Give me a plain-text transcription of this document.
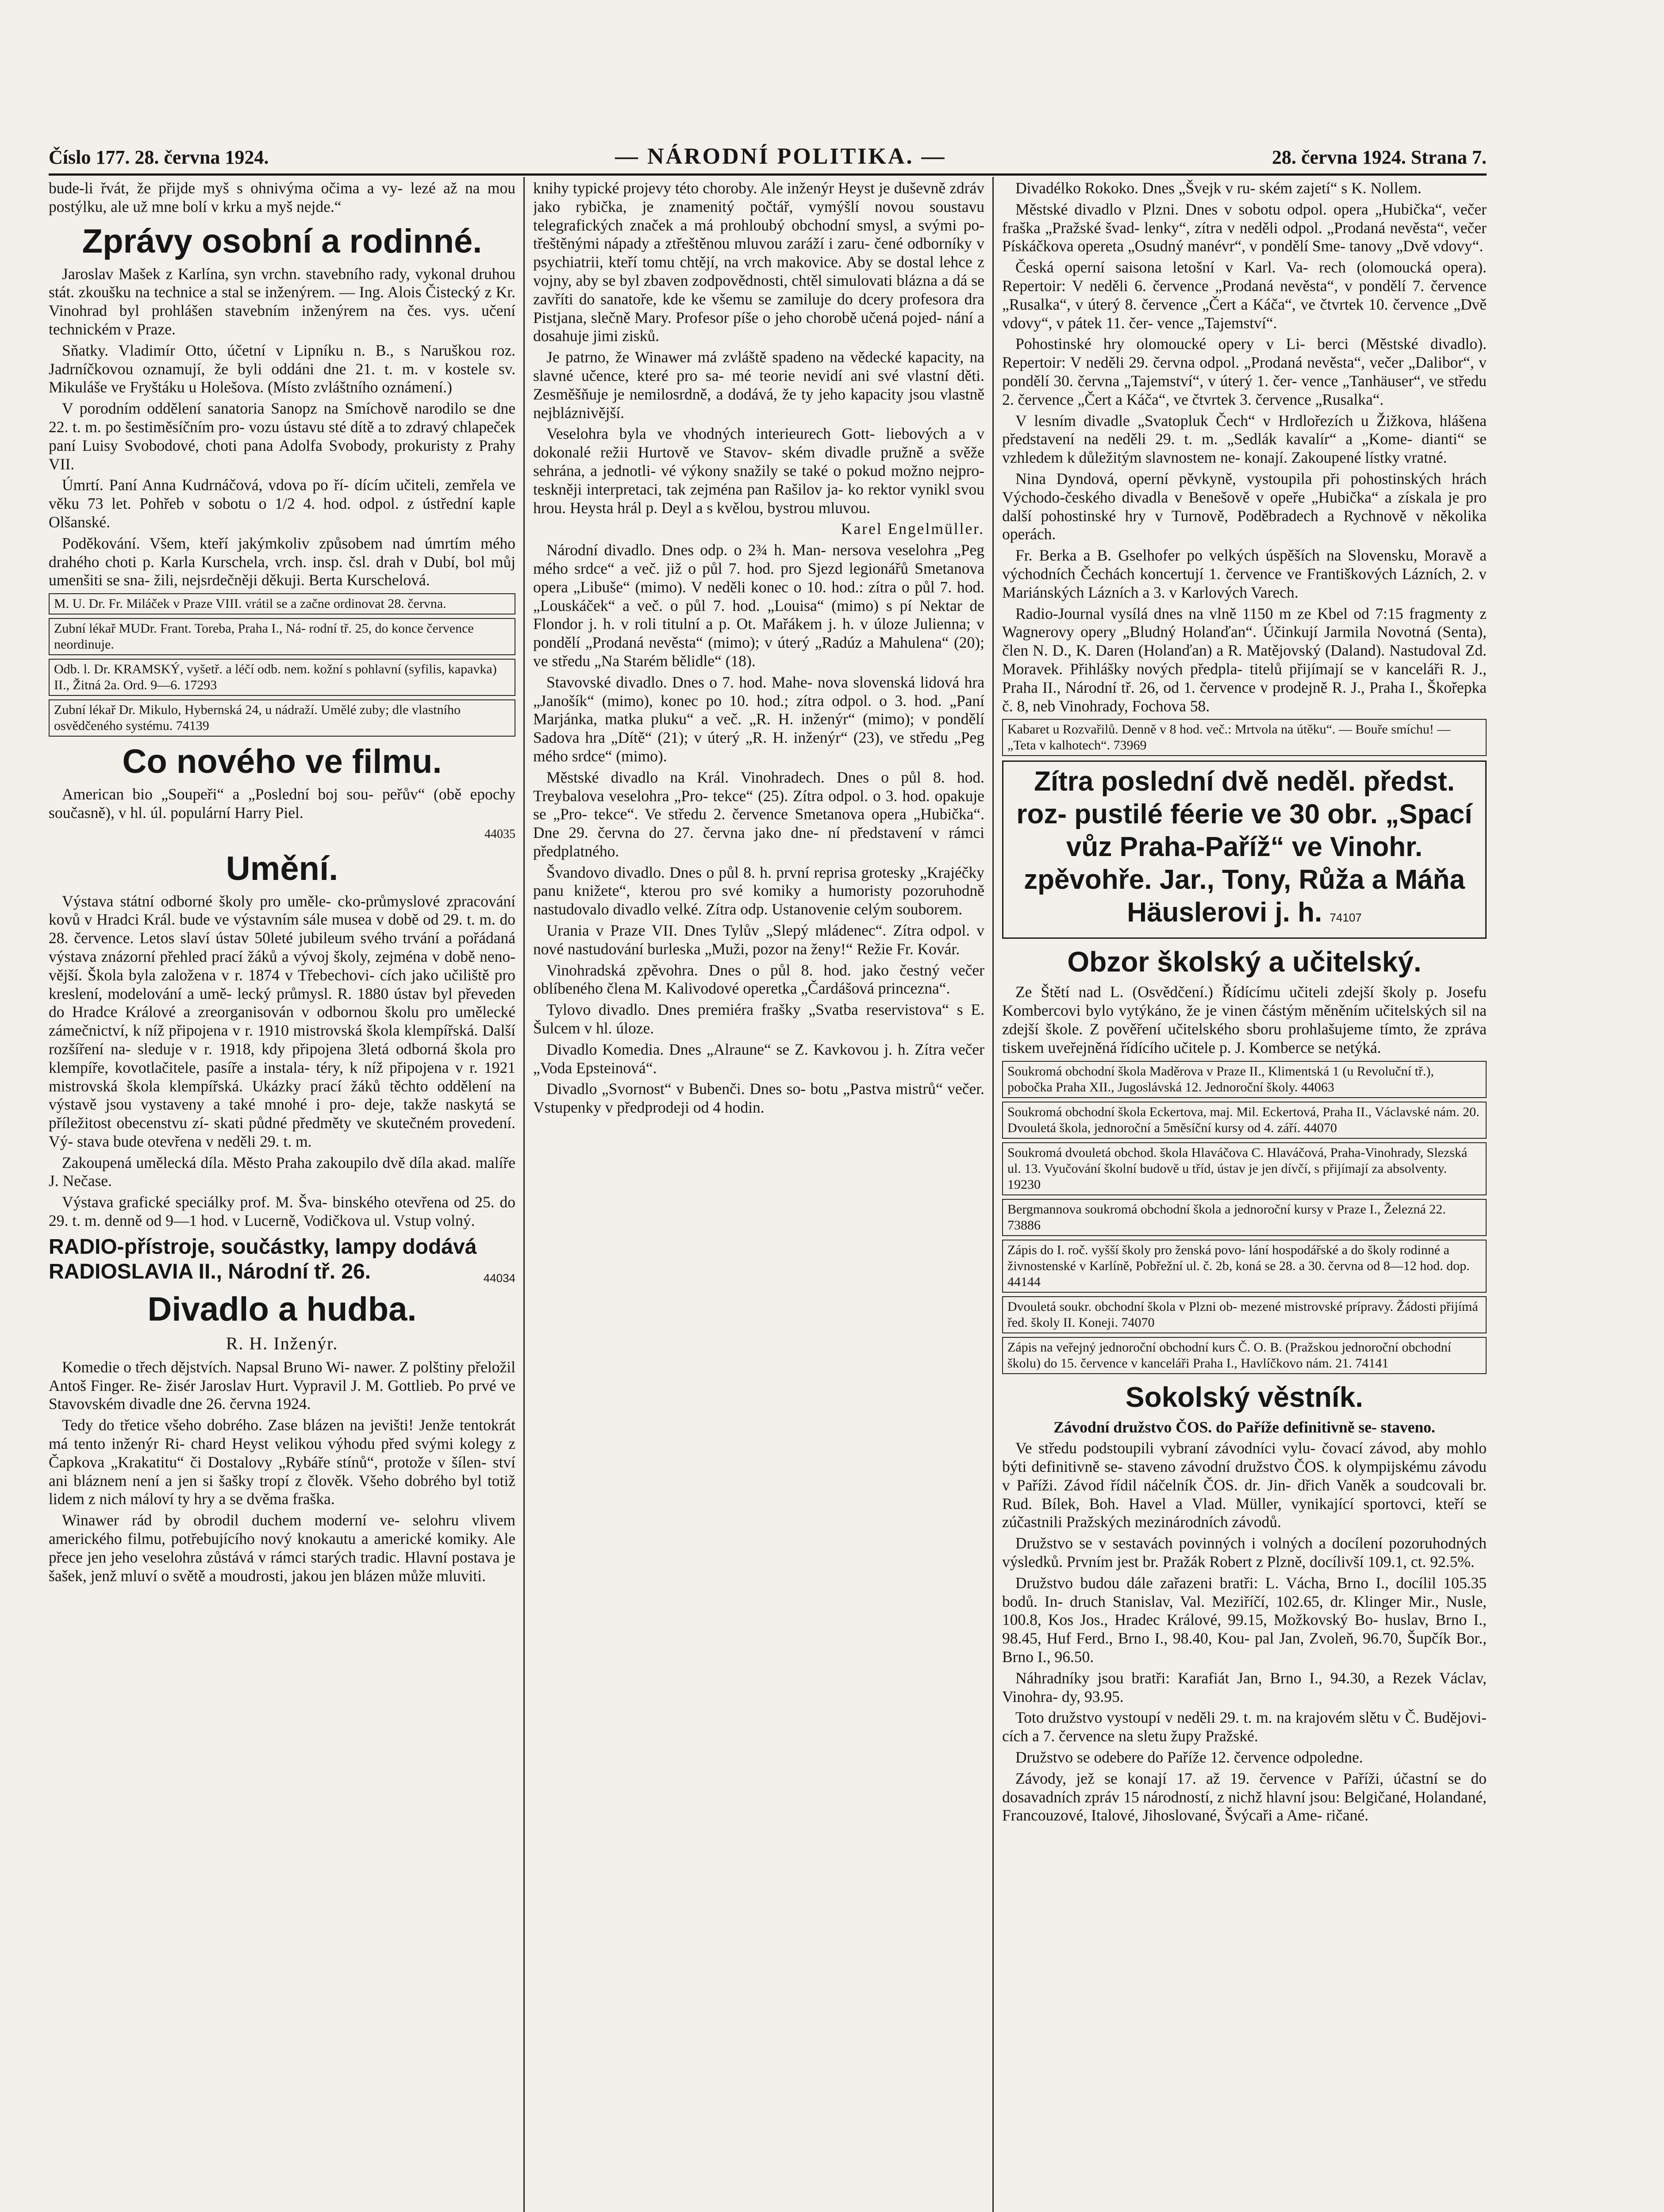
Číslo 177. 28. června 1924.	— NÁRODNÍ POLITIKA. —	28. června 1924. Strana 7.

bude-li řvát, že přijde myš s ohnivýma očima a vy- lezé až na mou postýlku, ale už mne bolí v krku a myš nejde.“

Zprávy osobní a rodinné.

Jaroslav Mašek z Karlína, syn vrchn. stavebního rady, vykonal druhou stát. zkoušku na technice a stal se inženýrem. — Ing. Alois Čistecký z Kr. Vinohrad byl prohlášen stavebním inženýrem na čes. vys. učení technickém v Praze.

Sňatky. Vladimír Otto, účetní v Lipníku n. B., s Naruškou roz. Jadrníčkovou oznamují, že byli oddáni dne 21. t. m. v kostele sv. Mikuláše ve Fryštáku u Holešova. (Místo zvláštního oznámení.)

V porodním oddělení sanatoria Sanopz na Smíchově narodilo se dne 22. t. m. po šestiměsíčním pro- vozu ústavu sté dítě a to zdravý chlapeček paní Luisy Svobodové, choti pana Adolfa Svobody, prokuristy z Prahy VII.

Úmrtí. Paní Anna Kudrnáčová, vdova po ří- dícím učiteli, zemřela ve věku 73 let. Pohřeb v sobotu o 1/2 4. hod. odpol. z ústřední kaple Olšanské.

Poděkování. Všem, kteří jakýmkoliv způsobem nad úmrtím mého drahého choti p. Karla Kurschela, vrch. insp. čsl. drah v Dubí, bol můj umenšiti se sna- žili, nejsrdečněji děkuji. Berta Kurschelová.

M. U. Dr. Fr. Miláček v Praze VIII. vrátil se a začne ordinovat 28. června.
Zubní lékař MUDr. Frant. Toreba, Praha I., Ná- rodní tř. 25, do konce července neordinuje.
Odb. l. Dr. KRAMSKÝ, vyšetř. a léčí odb. nem. kožní s pohlavní (syfilis, kapavka) II., Žitná 2a. Ord. 9—6. 17293
Zubní lékař Dr. Mikulo, Hybernská 24, u nádraží. Umělé zuby; dle vlastního osvědčeného systému. 74139
Co nového ve filmu.

American bio „Soupeři“ a „Poslední boj sou- peřův“ (obě epochy současně), v hl. úl. populární Harry Piel.

44035

Umění.

Výstava státní odborné školy pro uměle- cko-průmyslové zpracování kovů v Hradci Král. bude ve výstavním sále musea v době od 29. t. m. do 28. července. Letos slaví ústav 50leté jubileum svého trvání a pořádaná výstava znázorní přehled prací žáků a vývoj školy, zejména v době neno- vější. Škola byla založena v r. 1874 v Třebechovi- cích jako učiliště pro kreslení, modelování a umě- lecký průmysl. R. 1880 ústav byl převeden do Hradce Králové a zreorganisován v odbornou školu pro umělecké zámečnictví, k níž připojena v r. 1910 mistrovská škola klempířská. Další rozšíření na- sleduje v r. 1918, kdy připojena 3letá odborná škola pro klempíře, kovotlačitele, pasíře a instala- téry, k níž připojena v r. 1921 mistrovská škola klempířská. Ukázky prací žáků těchto oddělení na výstavě jsou vystaveny a také mnohé i pro- deje, takže naskytá se příležitost obecenstvu zí- skati půdné předměty ve skutečném provedení. Vý- stava bude otevřena v neděli 29. t. m.

Zakoupená umělecká díla. Město Praha zakoupilo dvě díla akad. malíře J. Nečase.

Výstava grafické speciálky prof. M. Šva- binského otevřena od 25. do 29. t. m. denně od 9—1 hod. v Lucerně, Vodičkova ul. Vstup volný.

RADIO-přístroje, součástky, lampy dodává
44034
RADIOSLAVIA II., Národní tř. 26.
Divadlo a hudba.
R. H. Inženýr.

Komedie o třech dějstvích. Napsal Bruno Wi- nawer. Z polštiny přeložil Antoš Finger. Re- žisér Jaroslav Hurt. Vypravil J. M. Gottlieb. Po prvé ve Stavovském divadle dne 26. června 1924.

Tedy do třetice všeho dobrého. Zase blázen na jevišti! Jenže tentokrát má tento inženýr Ri- chard Heyst velikou výhodu před svými kolegy z Čapkova „Krakatitu“ či Dostalovy „Rybáře stínů“, protože v šílen- ství ani bláznem není a jen si šašky tropí z člověk. Všeho dobrého byl totiž lidem z nich máloví ty hry a se dvěma fraška.

Winawer rád by obrodil duchem moderní ve- selohru vlivem amerického filmu, potřebujícího nový knokautu a americké komiky. Ale přece jen jeho veselohra zůstává v rámci starých tradic. Hlavní postava je šašek, jenž mluví o světě a moudrosti, jakou jen blázen může mluviti.

knihy typické projevy této choroby. Ale inženýr Heyst je duševně zdráv jako rybička, je znamenitý počtář, vymýšlí novou soustavu telegrafických značek a má prohloubý obchodní smysl, a svými po- třeštěnými nápady a ztřeštěnou mluvou zaráží i zaru- čené odborníky v psychiatrii, kteří tomu chtějí, na vrch makovice. Aby se dostal lehce z vojny, aby se byl zbaven zodpovědnosti, chtěl simulovati blázna a dá se zavříti do sanatoře, kde ke všemu se zamiluje do dcery profesora dra Pistjana, slečně Mary. Profesor píše o jeho chorobě učená pojed- nání a dosahuje jimi zisků.

Je patrno, že Winawer má zvláště spadeno na vědecké kapacity, na slavné učence, které pro sa- mé teorie nevidí ani své vlastní děti. Zesměšňuje je nemilosrdně, a dodává, že ty jeho kapacity jsou vlastně nejbláznivější.

Veselohra byla ve vhodných interieurech Gott- liebových a v dokonalé režii Hurtově ve Stavov- ském divadle pružně a svěže sehrána, a jednotli- vé výkony snažily se také o pokud možno nejpro- teskněji interpretaci, tak zejména pan Rašilov ja- ko rektor vynikl svou hrou. Heysta hrál p. Deyl a s kvělou, bystrou mluvou.

Karel Engelmüller.

Národní divadlo. Dnes odp. o 2¾ h. Man- nersova veselohra „Peg mého srdce“ a več. již o půl 7. hod. pro Sjezd legionářů Smetanova opera „Libuše“ (mimo). V neděli konec o 10. hod.: zítra o půl 7. hod. „Louskáček“ a več. o půl 7. hod. „Louisa“ (mimo) s pí Nektar de Flondor j. h. v roli titulní a p. Ot. Mařákem j. h. v úloze Julienna; v pondělí „Prodaná nevěsta“ (mimo); v úterý „Radúz a Mahulena“ (20); ve středu „Na Starém bělidle“ (18).

Stavovské divadlo. Dnes o 7. hod. Mahe- nova slovenská lidová hra „Janošík“ (mimo), konec po 10. hod.; zítra odpol. o 3. hod. „Paní Marjánka, matka pluku“ a več. „R. H. inženýr“ (mimo); v pondělí Sadova hra „Dítě“ (21); v úterý „R. H. inženýr“ (23), ve středu „Peg mého srdce“ (mimo).

Městské divadlo na Král. Vinohradech. Dnes o půl 8. hod. Treybalova veselohra „Pro- tekce“ (25). Zítra odpol. o 3. hod. opakuje se „Pro- tekce“. Ve středu 2. července Smetanova opera „Hubička“. Dne 29. června do 27. června jako dne- ní představení v rámci předplatného.

Švandovo divadlo. Dnes o půl 8. h. první reprisa grotesky „Krajéčky panu knižete“, kterou pro své komiky a humoristy pozoruhodně nastudovalo divadlo velké. Zítra odp. Ustanovenie celým souborem.

Urania v Praze VII. Dnes Tylův „Slepý mládenec“. Zítra odpol. v nové nastudování burleska „Muži, pozor na ženy!“ Režie Fr. Kovár.

Vinohradská zpěvohra. Dnes o půl 8. hod. jako čestný večer oblíbeného člena M. Kalivodové operetka „Čardášová princezna“.

Tylovo divadlo. Dnes premiéra frašky „Svatba reservistova“ s E. Šulcem v hl. úloze.

Divadlo Komedia. Dnes „Alraune“ se Z. Kavkovou j. h. Zítra večer „Voda Epsteinová“.

Divadlo „Svornost“ v Bubenči. Dnes so- botu „Pastva mistrů“ večer. Vstupenky v předprodeji od 4 hodin.

Divadélko Rokoko. Dnes „Švejk v ru- ském zajetí“ s K. Nollem.

Městské divadlo v Plzni. Dnes v sobotu odpol. opera „Hubička“, večer fraška „Pražské švad- lenky“, zítra v neděli odpol. „Prodaná nevěsta“, večer Pískáčkova opereta „Osudný manévr“, v pondělí Sme- tanovy „Dvě vdovy“.

Česká operní saisona letošní v Karl. Va- rech (olomoucká opera). Repertoir: V neděli 6. července „Prodaná nevěsta“, v pondělí 7. července „Rusalka“, v úterý 8. července „Čert a Káča“, ve čtvrtek 10. července „Dvě vdovy“, v pátek 11. čer- vence „Tajemství“.

Pohostinské hry olomoucké opery v Li- berci (Městské divadlo). Repertoir: V neděli 29. června odpol. „Prodaná nevěsta“, večer „Dalibor“, v pondělí 30. června „Tajemství“, v úterý 1. čer- vence „Tanhäuser“, ve středu 2. července „Čert a Káča“, ve čtvrtek 3. července „Rusalka“.

V lesním divadle „Svatopluk Čech“ v Hrdlořezích u Žižkova, hlášena představení na neděli 29. t. m. „Sedlák kavalír“ a „Kome- dianti“ se vzhledem k důležitým slavnostem ne- konají. Zakoupené lístky vratné.

Nina Dyndová, operní pěvkyně, vystoupila při pohostinských hrách Východo-českého divadla v Benešově v opeře „Hubička“ a získala je pro další pohostinské hry v Turnově, Poděbradech a Rychnově v několika operách.

Fr. Berka a B. Gselhofer po velkých úspěších na Slovensku, Moravě a východních Čechách koncertují 1. července ve Františkových Lázních, 2. v Mariánských Lázních a 3. v Karlových Varech.

Radio-Journal vysílá dnes na vlně 1150 m ze Kbel od 7:15 fragmenty z Wagnerovy opery „Bludný Holanďan“. Účinkují Jarmila Novotná (Senta), člen N. D., K. Daren (Holanďan) a R. Matějovský (Daland). Nastudoval Zd. Moravek. Přihlášky nových předpla- titelů přijímají se v kanceláři R. J., Praha II., Národní tř. 26, od 1. července v prodejně R. J., Praha I., Škořepka č. 8, neb Vinohrady, Fochova 58.

Kabaret u Rozvařilů. Denně v 8 hod. več.: Mrtvola na útěku“. — Bouře smíchu! — „Teta v kalhotech“. 73969
Zítra poslední dvě neděl. předst. roz- pustilé féerie ve 30 obr. „Spací vůz Praha-Paříž“ ve Vinohr. zpěvohře. Jar., Tony, Růža a Máňa Häuslerovi j. h. 74107
Obzor školský a učitelský.

Ze Štětí nad L. (Osvědčení.) Řídícímu učiteli zdejší školy p. Josefu Kombercovi bylo vytýkáno, že je vinen částým měněním učitelských sil na zdejší škole. Z pověření učitelského sboru prohlašujeme tímto, že zpráva tiskem uveřejněná řídícího učitele p. J. Komberce se netýká.

Soukromá obchodní škola Maděrova v Praze II., Klimentská 1 (u Revoluční tř.), pobočka Praha XII., Jugoslávská 12. Jednoroční školy. 44063
Soukromá obchodní škola Eckertova, maj. Mil. Eckertová, Praha II., Václavské nám. 20. Dvouletá škola, jednoroční a 5měsíční kursy od 4. září. 44070
Soukromá dvouletá obchod. škola Hlaváčova C. Hlaváčová, Praha-Vinohrady, Slezská ul. 13. Vyučování školní budově u tříd, ústav je jen dívčí, s přijímají za absolventy. 19230
Bergmannova soukromá obchodní škola a jednoroční kursy v Praze I., Železná 22. 73886
Zápis do I. roč. vyšší školy pro ženská povo- lání hospodářské a do školy rodinné a živnostenské v Karlíně, Pobřežní ul. č. 2b, koná se 28. a 30. června od 8—12 hod. dop. 44144
Dvouletá soukr. obchodní škola v Plzni ob- mezené mistrovské prípravy. Žádosti přijímá řed. školy II. Koneji. 74070
Zápis na veřejný jednoroční obchodní kurs Č. O. B. (Pražskou jednoroční obchodní školu) do 15. července v kanceláři Praha I., Havlíčkovo nám. 21. 74141
Sokolský věstník.

Závodní družstvo ČOS. do Paříže definitivně se- staveno.

Ve středu podstoupili vybraní závodníci vylu- čovací závod, aby mohlo býti definitivně se- staveno závodní družstvo ČOS. k olympijskému závodu v Paříži. Závod řídil náčelník ČOS. dr. Jin- dřich Vaněk a soudcovali br. Rud. Bílek, Boh. Havel a Vlad. Müller, vynikající sportovci, kteří se zúčastnili Pražských mezinárodních závodů.

Družstvo se v sestavách povinných i volných a docílení pozoruhodných výsledků. Prvním jest br. Pražák Robert z Plzně, docílivší 109.1, ct. 92.5%.

Družstvo budou dále zařazeni bratři: L. Vácha, Brno I., docílil 105.35 bodů. In- druch Stanislav, Val. Meziříčí, 102.65, dr. Klinger Mir., Nusle, 100.8, Kos Jos., Hradec Králové, 99.15, Možkovský Bo- huslav, Brno I., 98.45, Huf Ferd., Brno I., 98.40, Kou- pal Jan, Zvoleň, 96.70, Šupčík Bor., Brno I., 96.50.

Náhradníky jsou bratři: Karafiát Jan, Brno I., 94.30, a Rezek Václav, Vinohra- dy, 93.95.

Toto družstvo vystoupí v neděli 29. t. m. na krajovém slětu v Č. Budějovi- cích a 7. července na sletu župy Pražské.

Družstvo se odebere do Paříže 12. července odpoledne.

Závody, jež se konají 17. až 19. července v Paříži, účastní se do dosavadních zpráv 15 národností, z nichž hlavní jsou: Belgičané, Holandané, Francouzové, Italové, Jihoslované, Švýcaři a Ame- ričané.
